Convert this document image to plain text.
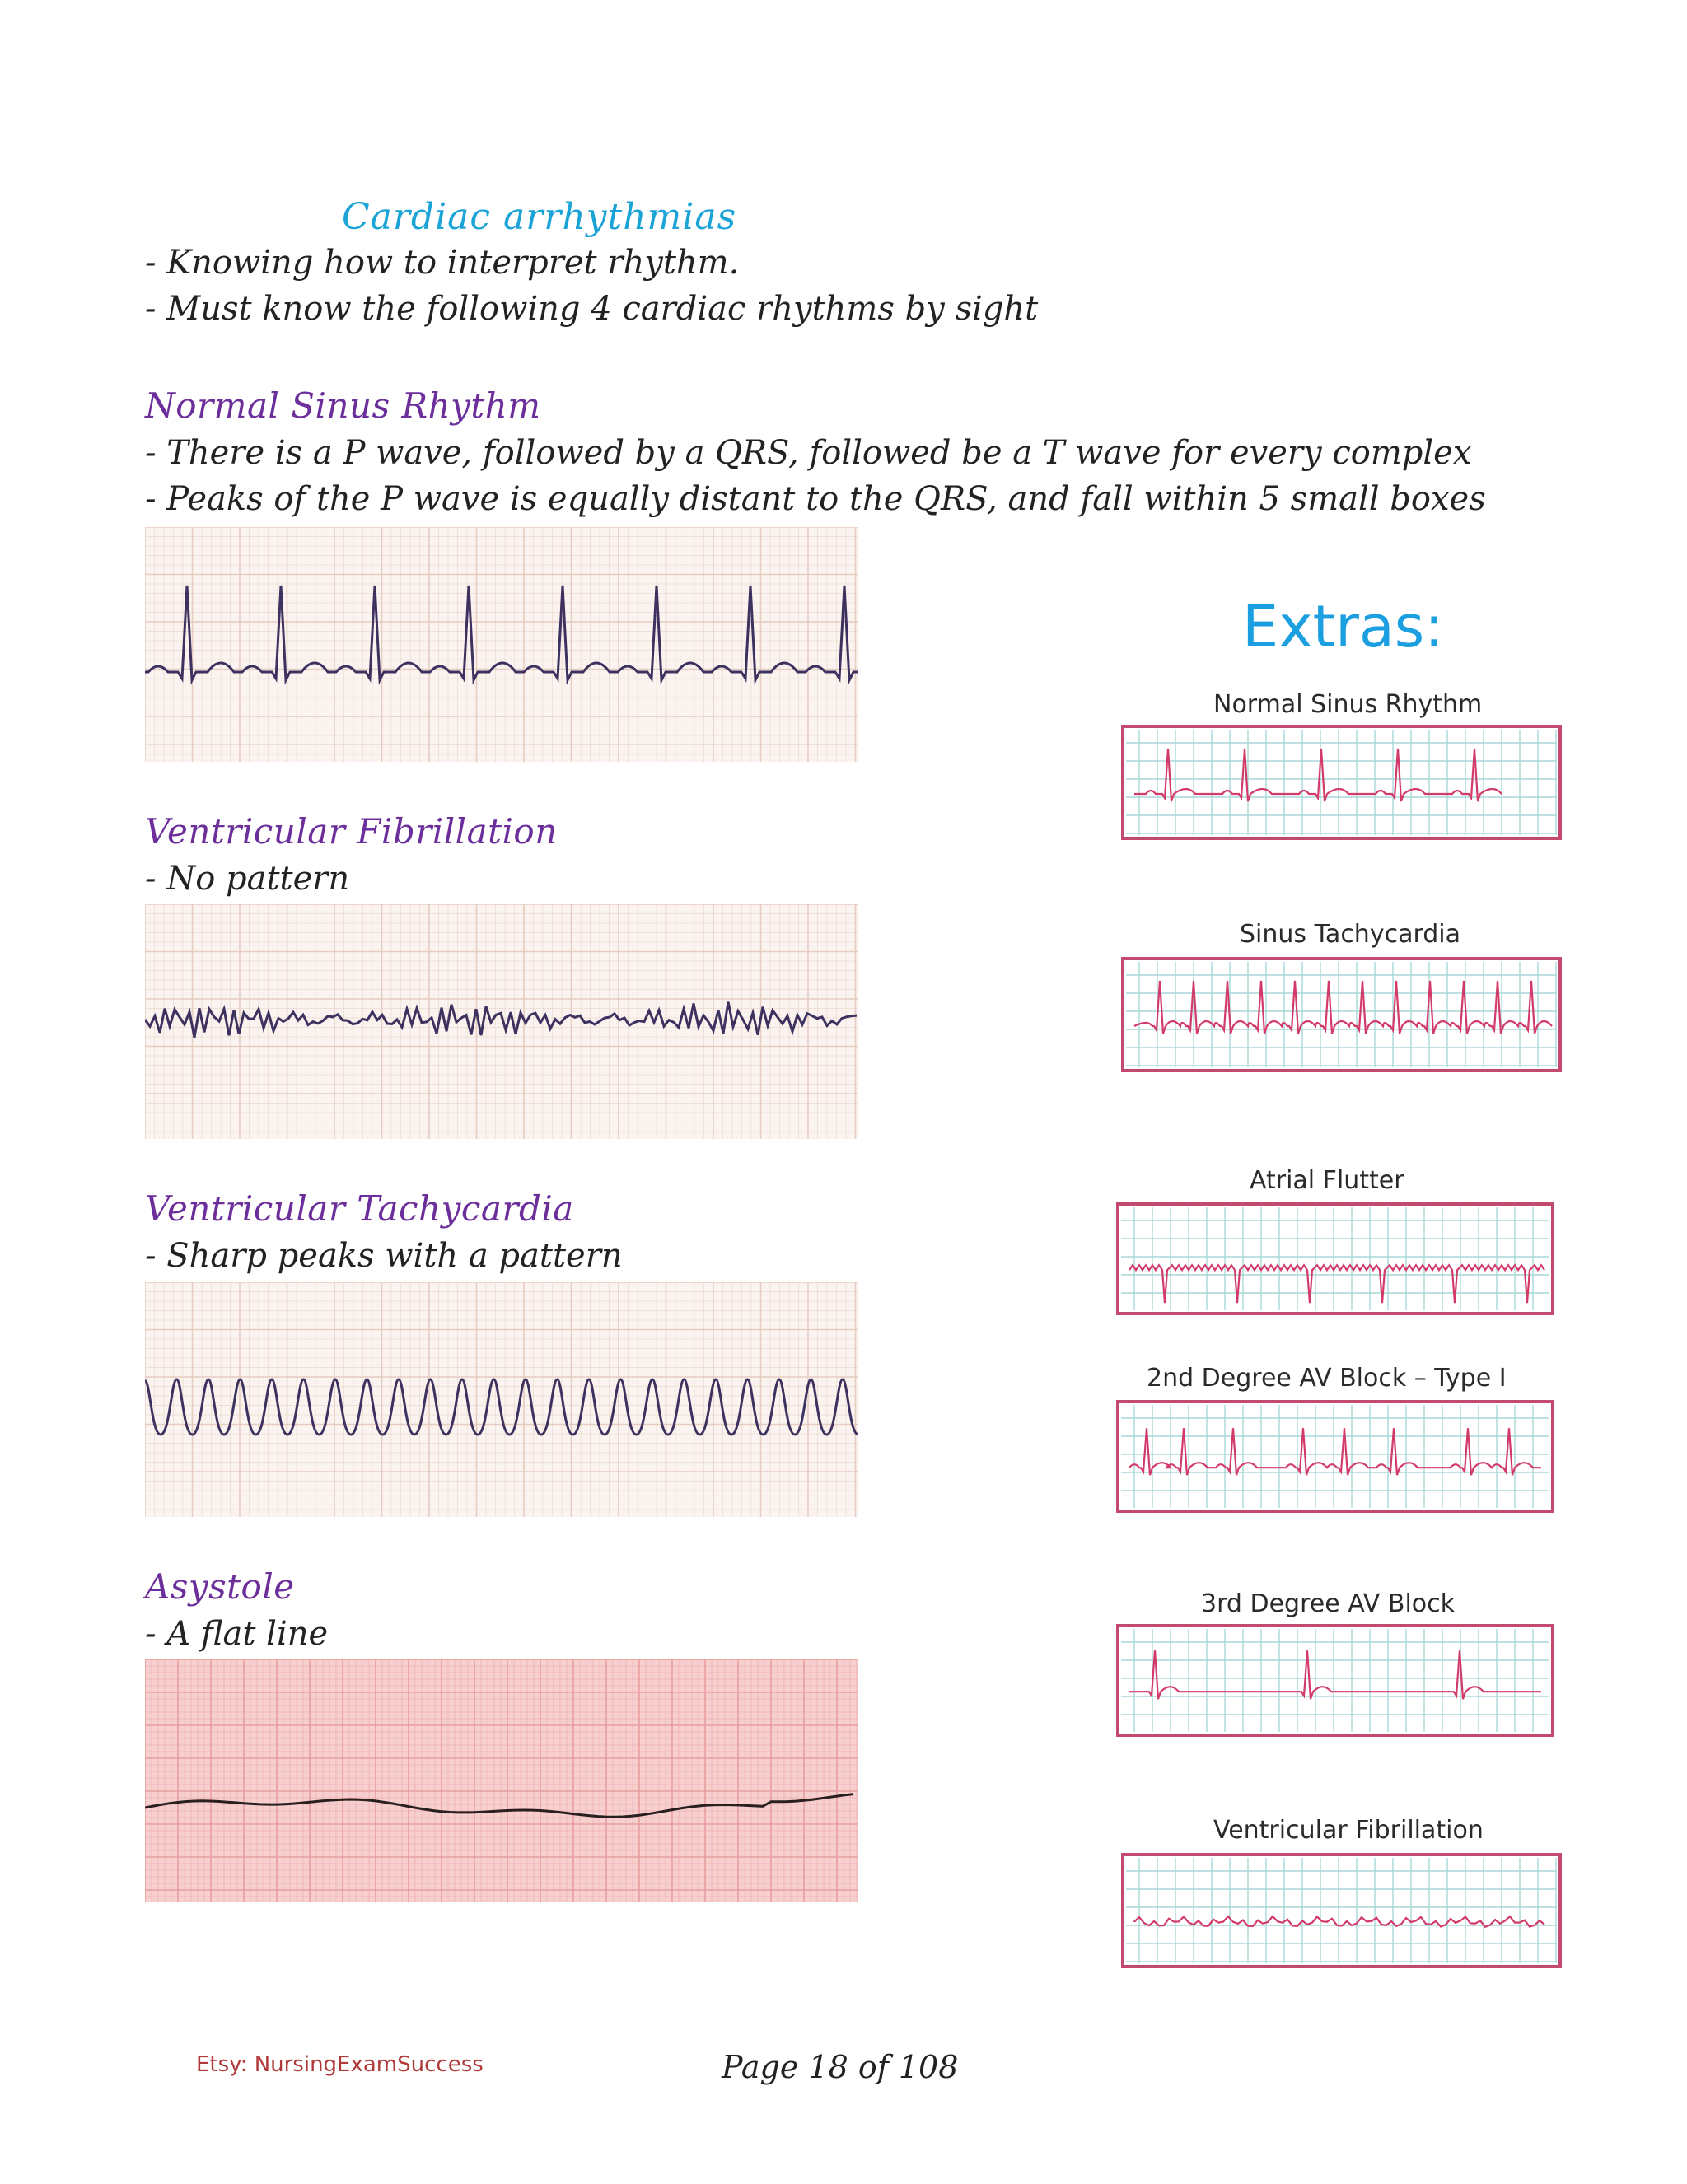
Cardiac arrhythmias
- Knowing how to interpret rhythm.
- Must know the following 4 cardiac rhythms by sight
Normal Sinus Rhythm
- There is a P wave, followed by a QRS, followed be a T wave for every complex
- Peaks of the P wave is equally distant to the QRS, and fall within 5 small boxes
Ventricular Fibrillation
- No pattern
Ventricular Tachycardia
- Sharp peaks with a pattern
Asystole
- A flat line
Extras:
Normal Sinus Rhythm
Sinus Tachycardia
Atrial Flutter
2nd Degree AV Block – Type I
3rd Degree AV Block
Ventricular Fibrillation
Etsy: NursingExamSuccess	Page 18 of 108
